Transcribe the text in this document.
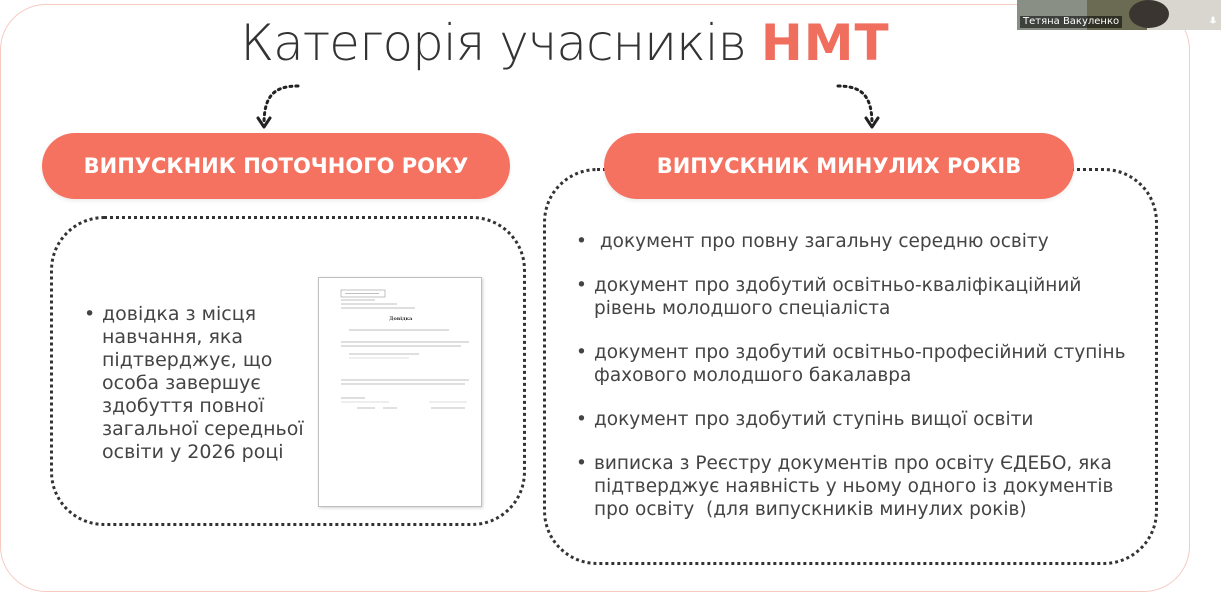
Категорія учасників НМТ
ВИПУСКНИК ПОТОЧНОГО РОКУ	ВИПУСКНИК МИНУЛИХ РОКІВ
• довідка з місця навчання, яка підтверджує, що особа завершує здобуття повної загальної середньої освіти у 2026 році
Довідка
• документ про повну загальну середню освіту
• документ про здобутий освітньо-кваліфікаційний рівень молодшого спеціаліста
• документ про здобутий освітньо-професійний ступінь фахового молодшого бакалавра
• документ про здобутий ступінь вищої освіти
• виписка з Реєстру документів про освіту ЄДЕБО, яка  підтверджує наявність у ньому одного із документів про освіту  (для випускників минулих років)
Тетяна Вакуленко
